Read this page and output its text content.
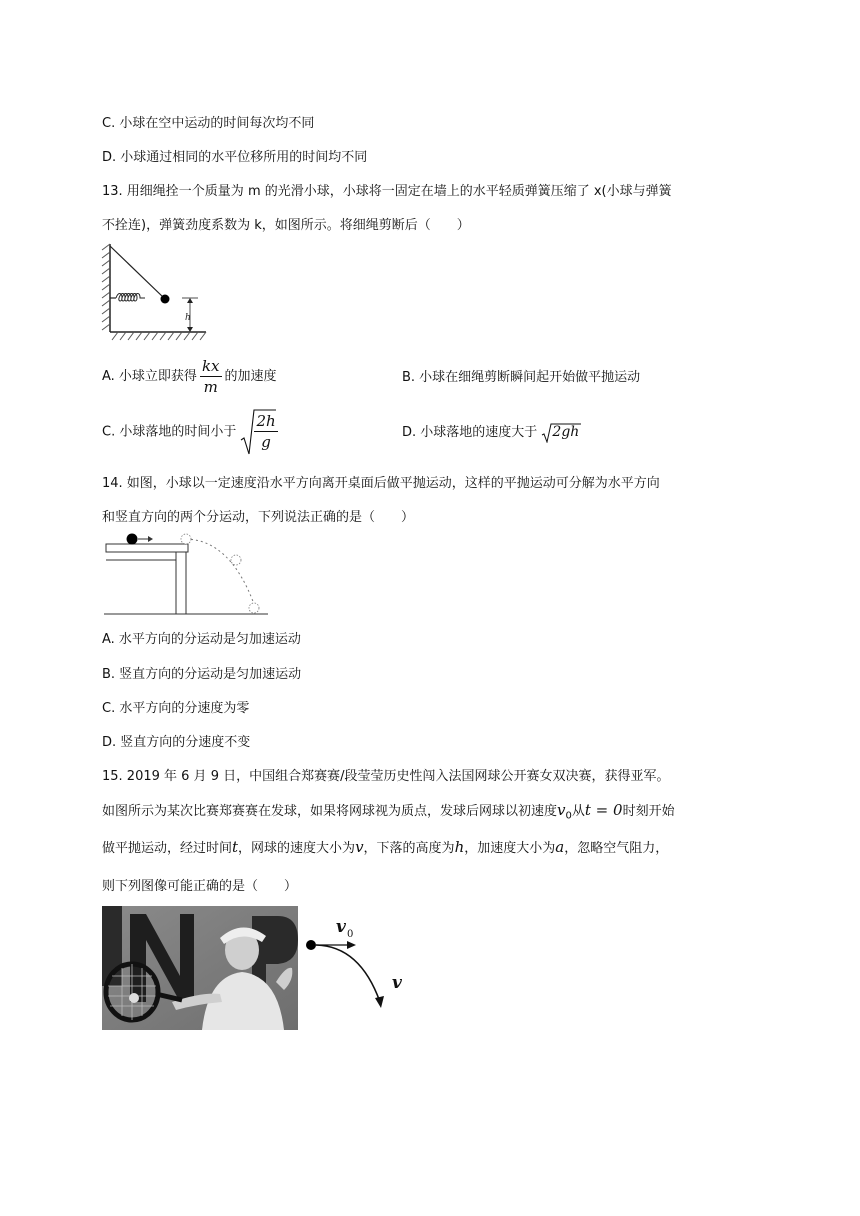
C. 小球在空中运动的时间每次均不同
D. 小球通过相同的水平位移所用的时间均不同
13. 用细绳拴一个质量为 m 的光滑小球，小球将一固定在墙上的水平轻质弹簧压缩了 x(小球与弹簧
不拴连)，弹簧劲度系数为 k，如图所示。将细绳剪断后（　　）
h
A. 小球立即获得 $\frac{kx}{m}$ 的加速度	B. 小球在细绳剪断瞬间起开始做平抛运动
C. 小球落地的时间小于 $\frac{2h}{g}$	D. 小球落地的速度大于 2gh
14. 如图，小球以一定速度沿水平方向离开桌面后做平抛运动，这样的平抛运动可分解为水平方向
和竖直方向的两个分运动，下列说法正确的是（　　）
A. 水平方向的分运动是匀加速运动
B. 竖直方向的分运动是匀加速运动
C. 水平方向的分速度为零
D. 竖直方向的分速度不变
15. 2019 年 6 月 9 日，中国组合郑赛赛/段莹莹历史性闯入法国网球公开赛女双决赛，获得亚军。
如图所示为某次比赛郑赛赛在发球，如果将网球视为质点，发球后网球以初速度$v_0$从t = 0时刻开始
做平抛运动，经过时间t，网球的速度大小为v，下落的高度为h，加速度大小为a，忽略空气阻力，
则下列图像可能正确的是（　　）
v 0
v
